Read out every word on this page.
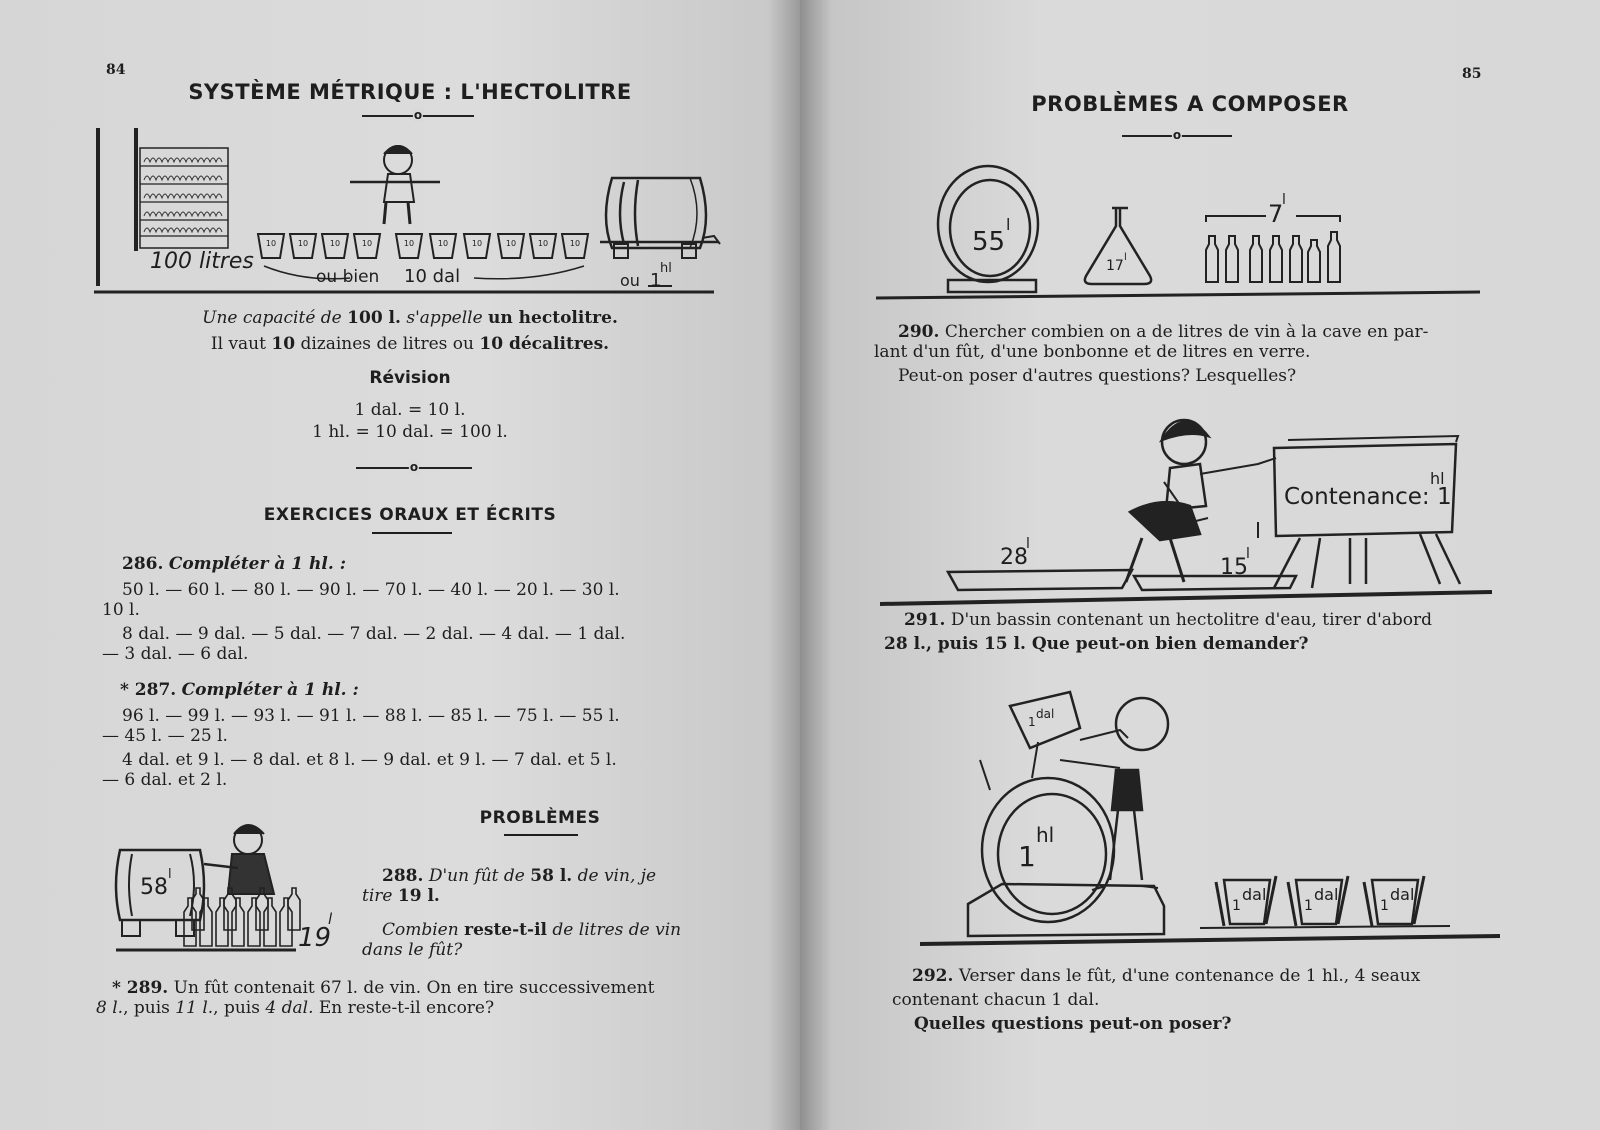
84
SYSTÈME MÉTRIQUE : L'HECTOLITRE
o
10	10	10	10	10	10	10	10	10	10
100 litres
ou bien 10 dal	ou 1
hl
Une capacité de 100 l. s'appelle un hectolitre.
Il vaut 10 dizaines de litres ou 10 décalitres.
Révision
1 dal. = 10 l.
1 hl. = 10 dal. = 100 l.
o
EXERCICES ORAUX ET ÉCRITS
286. Compléter à 1 hl. :
50 l. — 60 l. — 80 l. — 90 l. — 70 l. — 40 l. — 20 l. — 30 l.
10 l.
8 dal. — 9 dal. — 5 dal. — 7 dal. — 2 dal. — 4 dal. — 1 dal.
— 3 dal. — 6 dal.
* 287. Compléter à 1 hl. :
96 l. — 99 l. — 93 l. — 91 l. — 88 l. — 85 l. — 75 l. — 55 l.
— 45 l. — 25 l.
4 dal. et 9 l. — 8 dal. et 8 l. — 9 dal. et 9 l. — 7 dal. et 5 l.
— 6 dal. et 2 l.
PROBLÈMES
58
l
19
l
288. D'un fût de 58 l. de vin, je
tire 19 l.
Combien reste-t-il de litres de vin
dans le fût?
* 289. Un fût contenait 67 l. de vin. On en tire successivement
8 l., puis 11 l., puis 4 dal. En reste-t-il encore?
85
PROBLÈMES A COMPOSER
o
55
l
17
l
7
l
290. Chercher combien on a de litres de vin à la cave en par-
lant d'un fût, d'une bonbonne et de litres en verre.
Peut-on poser d'autres questions? Lesquelles?
Contenance: 1
hl
28
l
15
l
291. D'un bassin contenant un hectolitre d'eau, tirer d'abord
28 l., puis 15 l. Que peut-on bien demander?
1
hl
1
dal
1
dal
1
dal
1
dal
292. Verser dans le fût, d'une contenance de 1 hl., 4 seaux
contenant chacun 1 dal.
Quelles questions peut-on poser?
